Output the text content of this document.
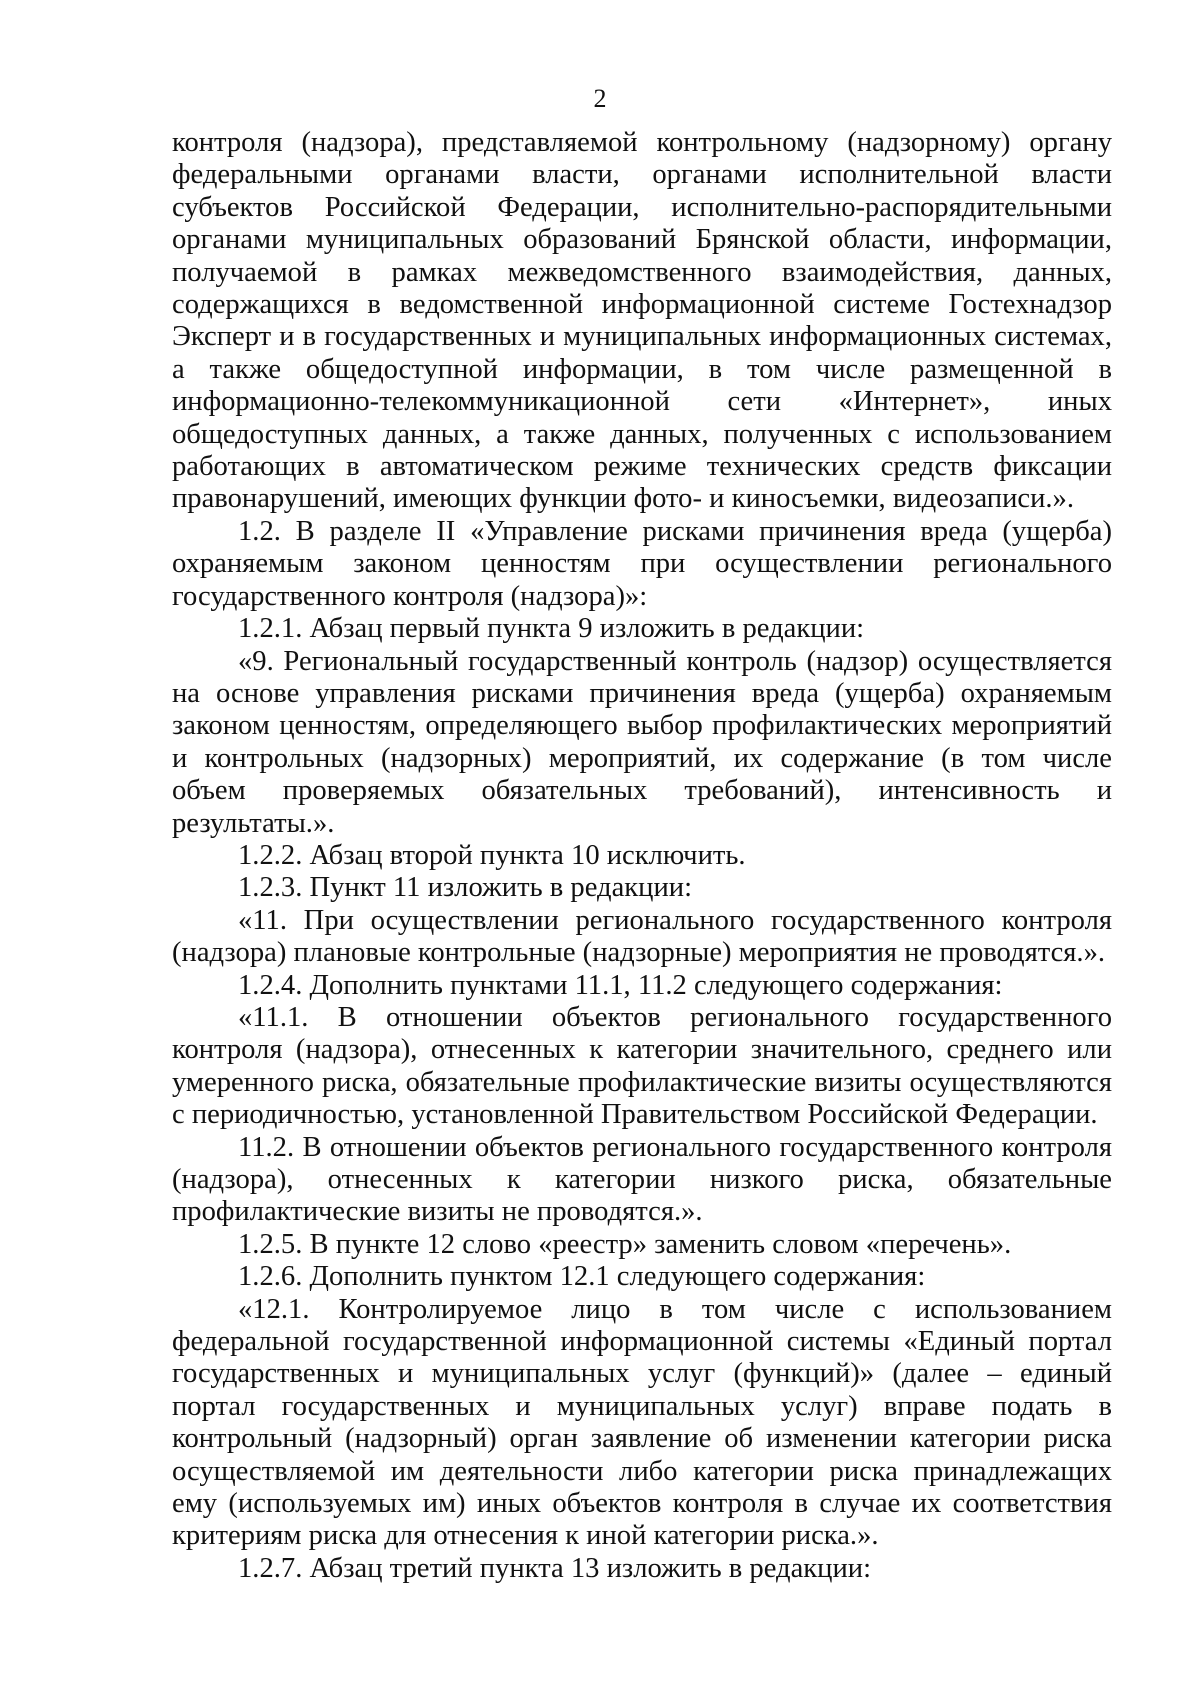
2

контроля (надзора), представляемой контрольному (надзорному) органу федеральными органами власти, органами исполнительной власти субъектов Российской Федерации, исполнительно-распорядительными органами муниципальных образований Брянской области, информации, получаемой в рамках межведомственного взаимодействия, данных, содержащихся в ведомственной информационной системе Гостехнадзор Эксперт и в государственных и муниципальных информационных системах, а также общедоступной информации, в том числе размещенной в информационно-телекоммуникационной сети «Интернет», иных общедоступных данных, а также данных, полученных с использованием работающих в автоматическом режиме технических средств фиксации правонарушений, имеющих функции фото- и киносъемки, видеозаписи.».

1.2. В разделе II «Управление рисками причинения вреда (ущерба) охраняемым законом ценностям при осуществлении регионального государственного контроля (надзора)»:

1.2.1. Абзац первый пункта 9 изложить в редакции:

«9. Региональный государственный контроль (надзор) осуществляется на основе управления рисками причинения вреда (ущерба) охраняемым законом ценностям, определяющего выбор профилактических мероприятий и контрольных (надзорных) мероприятий, их содержание (в том числе объем проверяемых обязательных требований), интенсивность и результаты.».

1.2.2. Абзац второй пункта 10 исключить.

1.2.3. Пункт 11 изложить в редакции:

«11. При осуществлении регионального государственного контроля (надзора) плановые контрольные (надзорные) мероприятия не проводятся.».

1.2.4. Дополнить пунктами 11.1, 11.2 следующего содержания:

«11.1. В отношении объектов регионального государственного контроля (надзора), отнесенных к категории значительного, среднего или умеренного риска, обязательные профилактические визиты осуществляются с периодичностью, установленной Правительством Российской Федерации.

11.2. В отношении объектов регионального государственного контроля (надзора), отнесенных к категории низкого риска, обязательные профилактические визиты не проводятся.».

1.2.5. В пункте 12 слово «реестр» заменить словом «перечень».

1.2.6. Дополнить пунктом 12.1 следующего содержания:

«12.1. Контролируемое лицо в том числе с использованием федеральной государственной информационной системы «Единый портал государственных и муниципальных услуг (функций)» (далее – единый портал государственных и муниципальных услуг) вправе подать в контрольный (надзорный) орган заявление об изменении категории риска осуществляемой им деятельности либо категории риска принадлежащих ему (используемых им) иных объектов контроля в случае их соответствия критериям риска для отнесения к иной категории риска.».

1.2.7. Абзац третий пункта 13 изложить в редакции:
